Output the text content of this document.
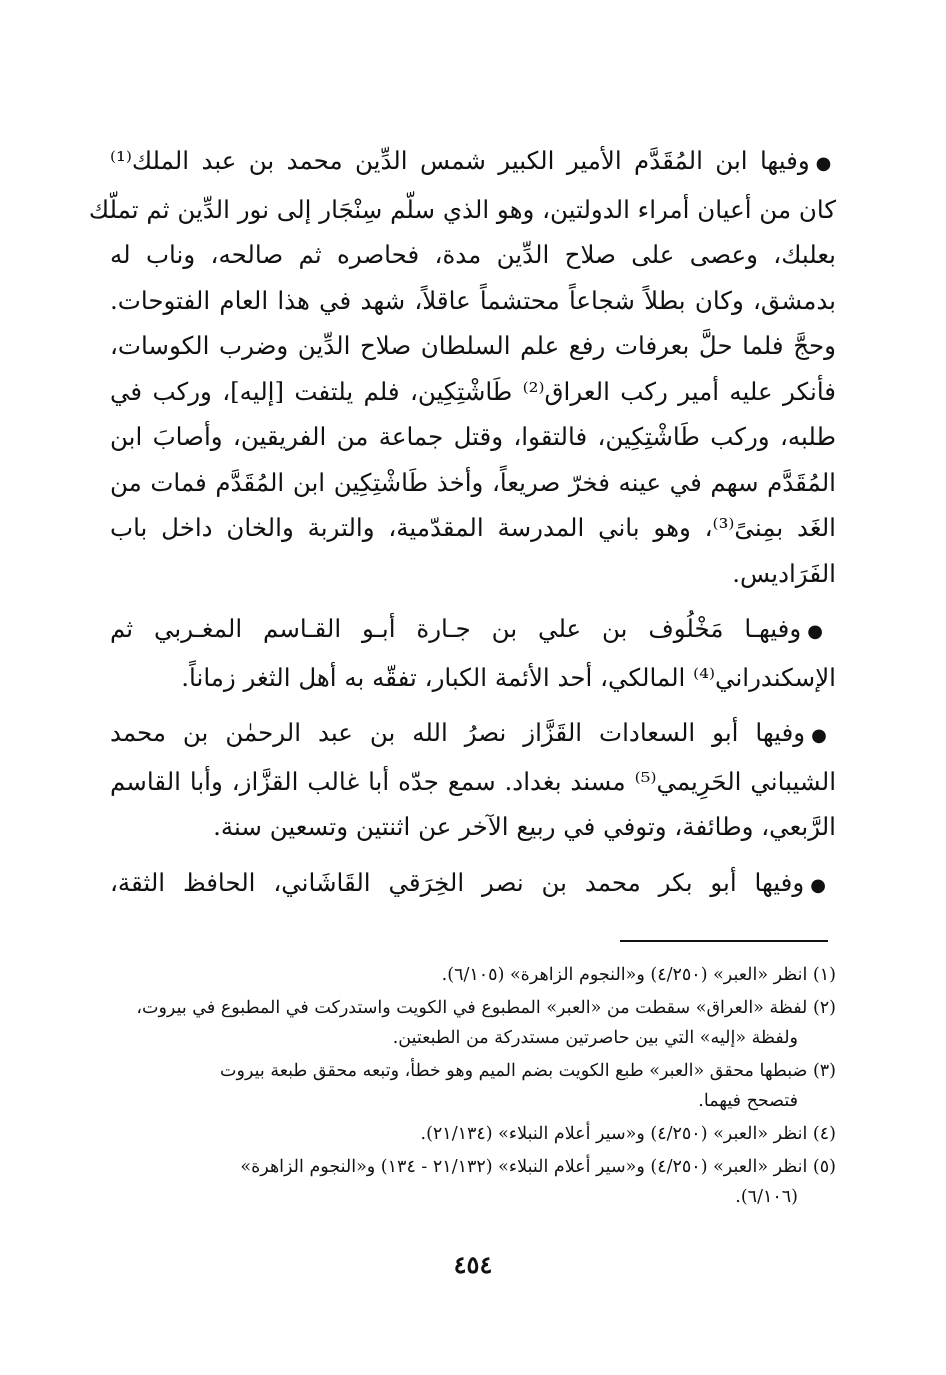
●وفيها ابن المُقَدَّم الأمير الكبير شمس الدِّين محمد بن عبد الملك⁽¹⁾
كان من أعيان أمراء الدولتين، وهو الذي سلّم سِنْجَار إلى نور الدِّين ثم تملّك
بعلبك، وعصى على صلاح الدِّين مدة، فحاصره ثم صالحه، وناب له
بدمشق، وكان بطلاً شجاعاً محتشماً عاقلاً، شهد في هذا العام الفتوحات.
وحجَّ فلما حلَّ بعرفات رفع علم السلطان صلاح الدِّين وضرب الكوسات،
فأنكر عليه أمير ركب العراق⁽²⁾ طَاشْتِكِين، فلم يلتفت [إليه]، وركب في
طلبه، وركب طَاشْتِكِين، فالتقوا، وقتل جماعة من الفريقين، وأصابَ ابن
المُقَدَّم سهم في عينه فخرّ صريعاً، وأخذ طَاشْتِكِين ابن المُقَدَّم فمات من
الغَد بمِنىً⁽³⁾، وهو باني المدرسة المقدّمية، والتربة والخان داخل باب
الفَرَاديس.
●وفيهـا مَخْلُوف بن علي بن جـارة أبـو القـاسم المغـربي ثم
الإسكندراني⁽⁴⁾ المالكي، أحد الأئمة الكبار، تفقّه به أهل الثغر زماناً.
●وفيها أبو السعادات القَزَّاز نصرُ الله بن عبد الرحمٰن بن محمد
الشيباني الحَرِيمي⁽⁵⁾ مسند بغداد. سمع جدّه أبا غالب القزَّاز، وأبا القاسم
الرَّبعي، وطائفة، وتوفي في ربيع الآخر عن اثنتين وتسعين سنة.
●وفيها أبو بكر محمد بن نصر الخِرَقي القَاشَاني، الحافظ الثقة،
(١) انظر «العبر» (٤/٢٥٠) و«النجوم الزاهرة» (٦/١٠٥).
(٢) لفظة «العراق» سقطت من «العبر» المطبوع في الكويت واستدركت في المطبوع في بيروت،
ولفظة «إليه» التي بين حاصرتين مستدركة من الطبعتين.
(٣) ضبطها محقق «العبر» طبع الكويت بضم الميم وهو خطأ، وتبعه محقق طبعة بيروت
فتصحح فيهما.
(٤) انظر «العبر» (٤/٢٥٠) و«سير أعلام النبلاء» (٢١/١٣٤).
(٥) انظر «العبر» (٤/٢٥٠) و«سير أعلام النبلاء» (٢١/١٣٢ - ١٣٤) و«النجوم الزاهرة»
(٦/١٠٦).
٤٥٤
